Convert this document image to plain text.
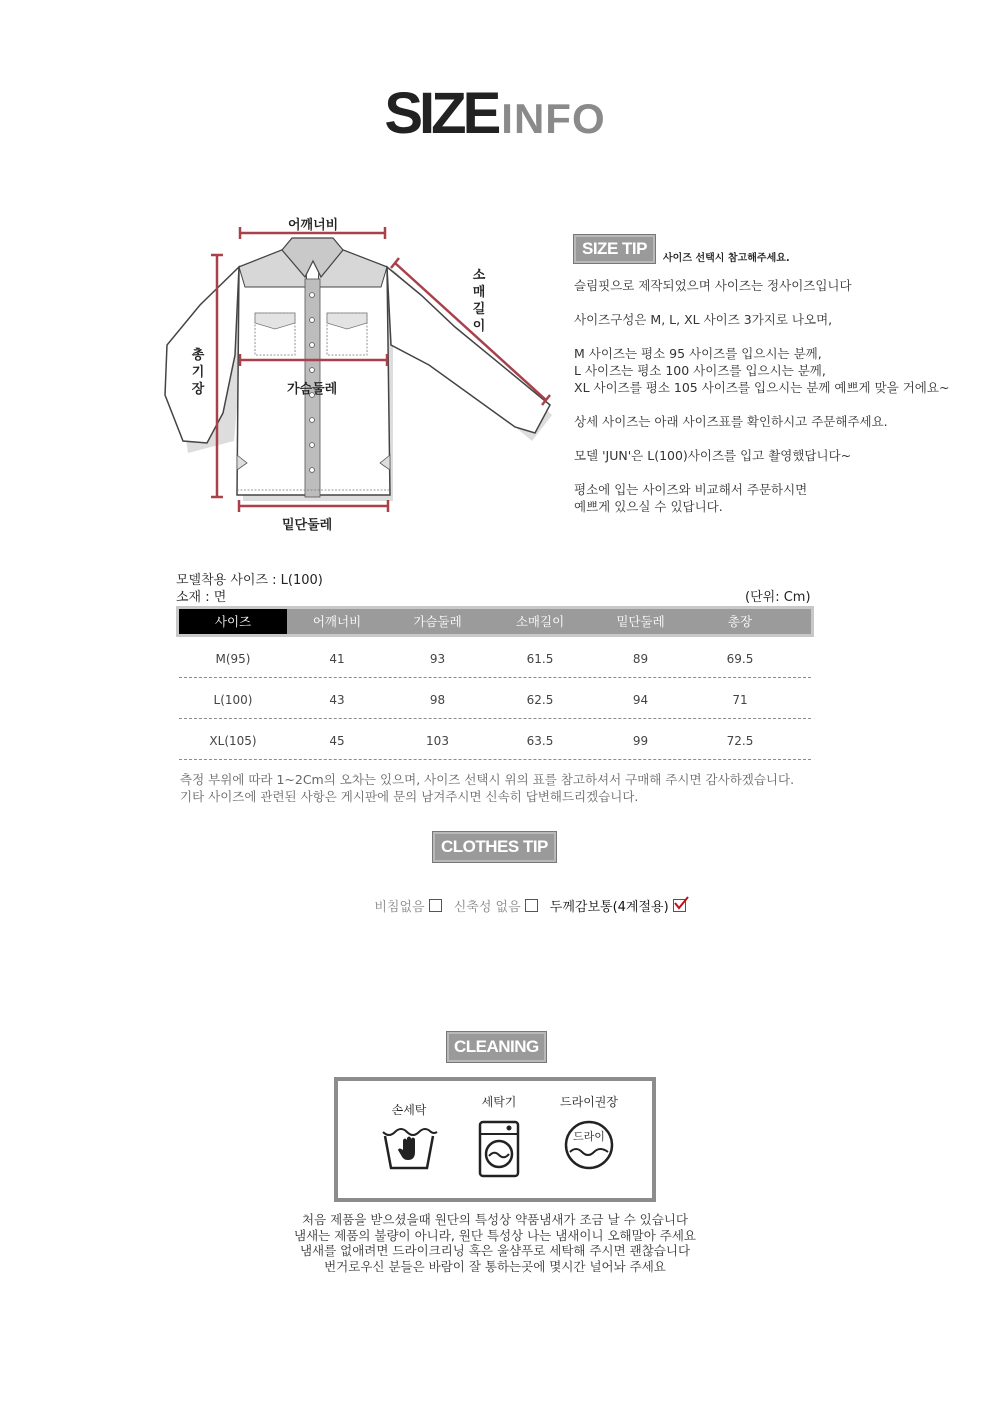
SIZEINFO
어깨너비
가슴둘레
밑단둘레
총기장
소매길이
SIZE TIP
사이즈 선택시 참고해주세요.
슬림핏으로 제작되었으며 사이즈는 정사이즈입니다
사이즈구성은 M, L, XL 사이즈 3가지로 나오며,
M 사이즈는 평소 95 사이즈를 입으시는 분께,
L 사이즈는 평소 100 사이즈를 입으시는 분께,
XL 사이즈를 평소 105 사이즈를 입으시는 분께 예쁘게 맞을 거에요~
상세 사이즈는 아래 사이즈표를 확인하시고 주문해주세요.
모델 'JUN'은 L(100)사이즈를 입고 촬영했답니다~
평소에 입는 사이즈와 비교해서 주문하시면
예쁘게 있으실 수 있답니다.
모델착용 사이즈 : L(100)
소재 : 면	(단위: Cm)
사이즈	어깨너비	가슴둘레	소매길이	밑단둘레	총장
M(95)	41	93	61.5	89	69.5
L(100)	43	98	62.5	94	71
XL(105)	45	103	63.5	99	72.5
측정 부위에 따라 1~2Cm의 오차는 있으며, 사이즈 선택시 위의 표를 참고하셔서 구매해 주시면 감사하겠습니다.
기타 사이즈에 관련된 사항은 게시판에 문의 남겨주시면 신속히 답변해드리겠습니다.
CLOTHES TIP
비침없음
신축성 없음
두께감보통(4계절용)
CLEANING
손세탁
세탁기	드라이권장
드라이
처음 제품을 받으셨을때 원단의 특성상 약품냄새가 조금 날 수 있습니다
냄새는 제품의 불량이 아니라, 원단 특성상 나는 냄새이니 오해말아 주세요
냄새를 없애려면 드라이크리닝 혹은 울샴푸로 세탁해 주시면 괜찮습니다
번거로우신 분들은 바람이 잘 통하는곳에 몇시간 널어놔 주세요
